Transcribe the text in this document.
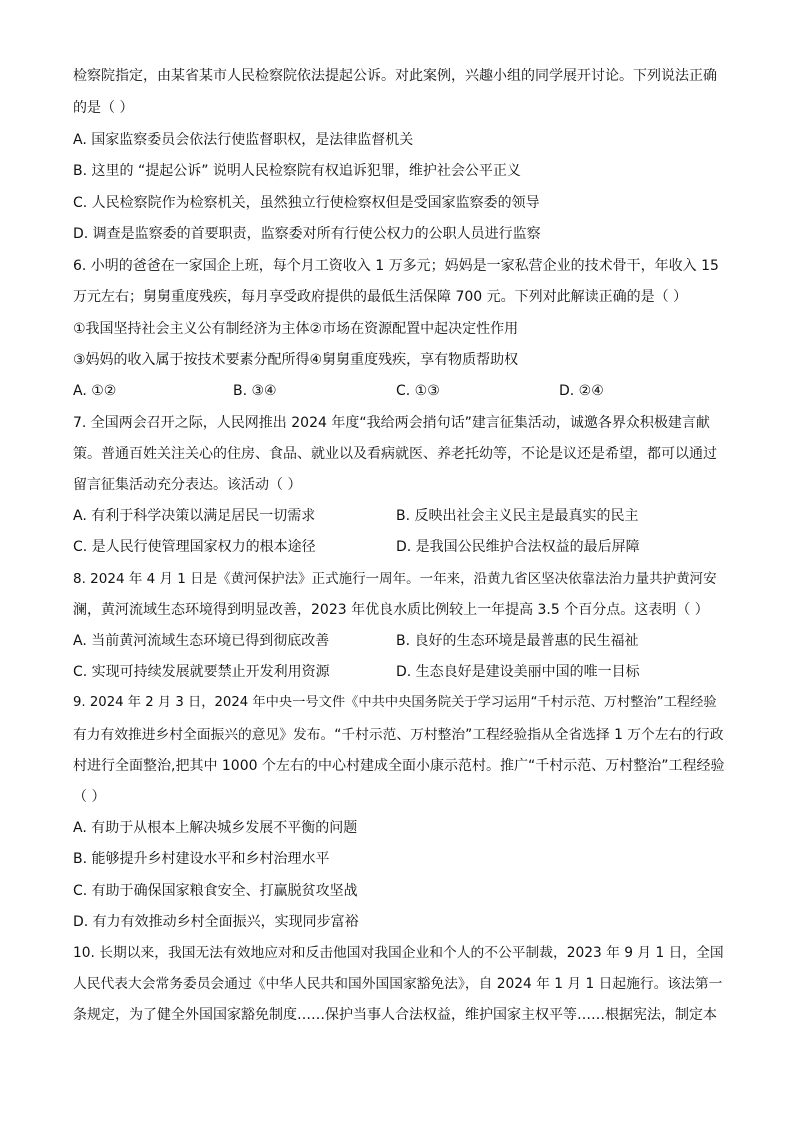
检察院指定，由某省某市人民检察院依法提起公诉。对此案例，兴趣小组的同学展开讨论。下列说法正确
的是（ ）
A. 国家监察委员会依法行使监督职权，是法律监督机关
B. 这里的 “提起公诉” 说明人民检察院有权追诉犯罪，维护社会公平正义
C. 人民检察院作为检察机关，虽然独立行使检察权但是受国家监察委的领导
D. 调查是监察委的首要职责，监察委对所有行使公权力的公职人员进行监察
6. 小明的爸爸在一家国企上班，每个月工资收入 1 万多元；妈妈是一家私营企业的技术骨干，年收入 15
万元左右；舅舅重度残疾，每月享受政府提供的最低生活保障 700 元。下列对此解读正确的是（ ）
①我国坚持社会主义公有制经济为主体②市场在资源配置中起决定性作用
③妈妈的收入属于按技术要素分配所得④舅舅重度残疾，享有物质帮助权
A. ①②	B. ③④	C. ①③	D. ②④
7. 全国两会召开之际，人民网推出 2024 年度“我给两会捎句话”建言征集活动，诚邀各界众积极建言献
策。普通百姓关注关心的住房、食品、就业以及看病就医、养老托幼等，不论是议还是希望，都可以通过
留言征集活动充分表达。该活动（ ）
A. 有利于科学决策以满足居民一切需求	B. 反映出社会主义民主是最真实的民主
C. 是人民行使管理国家权力的根本途径	D. 是我国公民维护合法权益的最后屏障
8. 2024 年 4 月 1 日是《黄河保护法》正式施行一周年。一年来，沿黄九省区坚决依靠法治力量共护黄河安
澜，黄河流域生态环境得到明显改善，2023 年优良水质比例较上一年提高 3.5 个百分点。这表明（ ）
A. 当前黄河流域生态环境已得到彻底改善	B. 良好的生态环境是最普惠的民生福祉
C. 实现可持续发展就要禁止开发利用资源	D. 生态良好是建设美丽中国的唯一目标
9. 2024 年 2 月 3 日，2024 年中央一号文件《中共中央国务院关于学习运用“千村示范、万村整治”工程经验
有力有效推进乡村全面振兴的意见》发布。“千村示范、万村整治”工程经验指从全省选择 1 万个左右的行政
村进行全面整治,把其中 1000 个左右的中心村建成全面小康示范村。推广“千村示范、万村整治”工程经验
（ ）
A. 有助于从根本上解决城乡发展不平衡的问题
B. 能够提升乡村建设水平和乡村治理水平
C. 有助于确保国家粮食安全、打赢脱贫攻坚战
D. 有力有效推动乡村全面振兴，实现同步富裕
10. 长期以来，我国无法有效地应对和反击他国对我国企业和个人的不公平制裁，2023 年 9 月 1 日，全国
人民代表大会常务委员会通过《中华人民共和国外国国家豁免法》，自 2024 年 1 月 1 日起施行。该法第一
条规定，为了健全外国国家豁免制度……保护当事人合法权益，维护国家主权平等……根据宪法，制定本
